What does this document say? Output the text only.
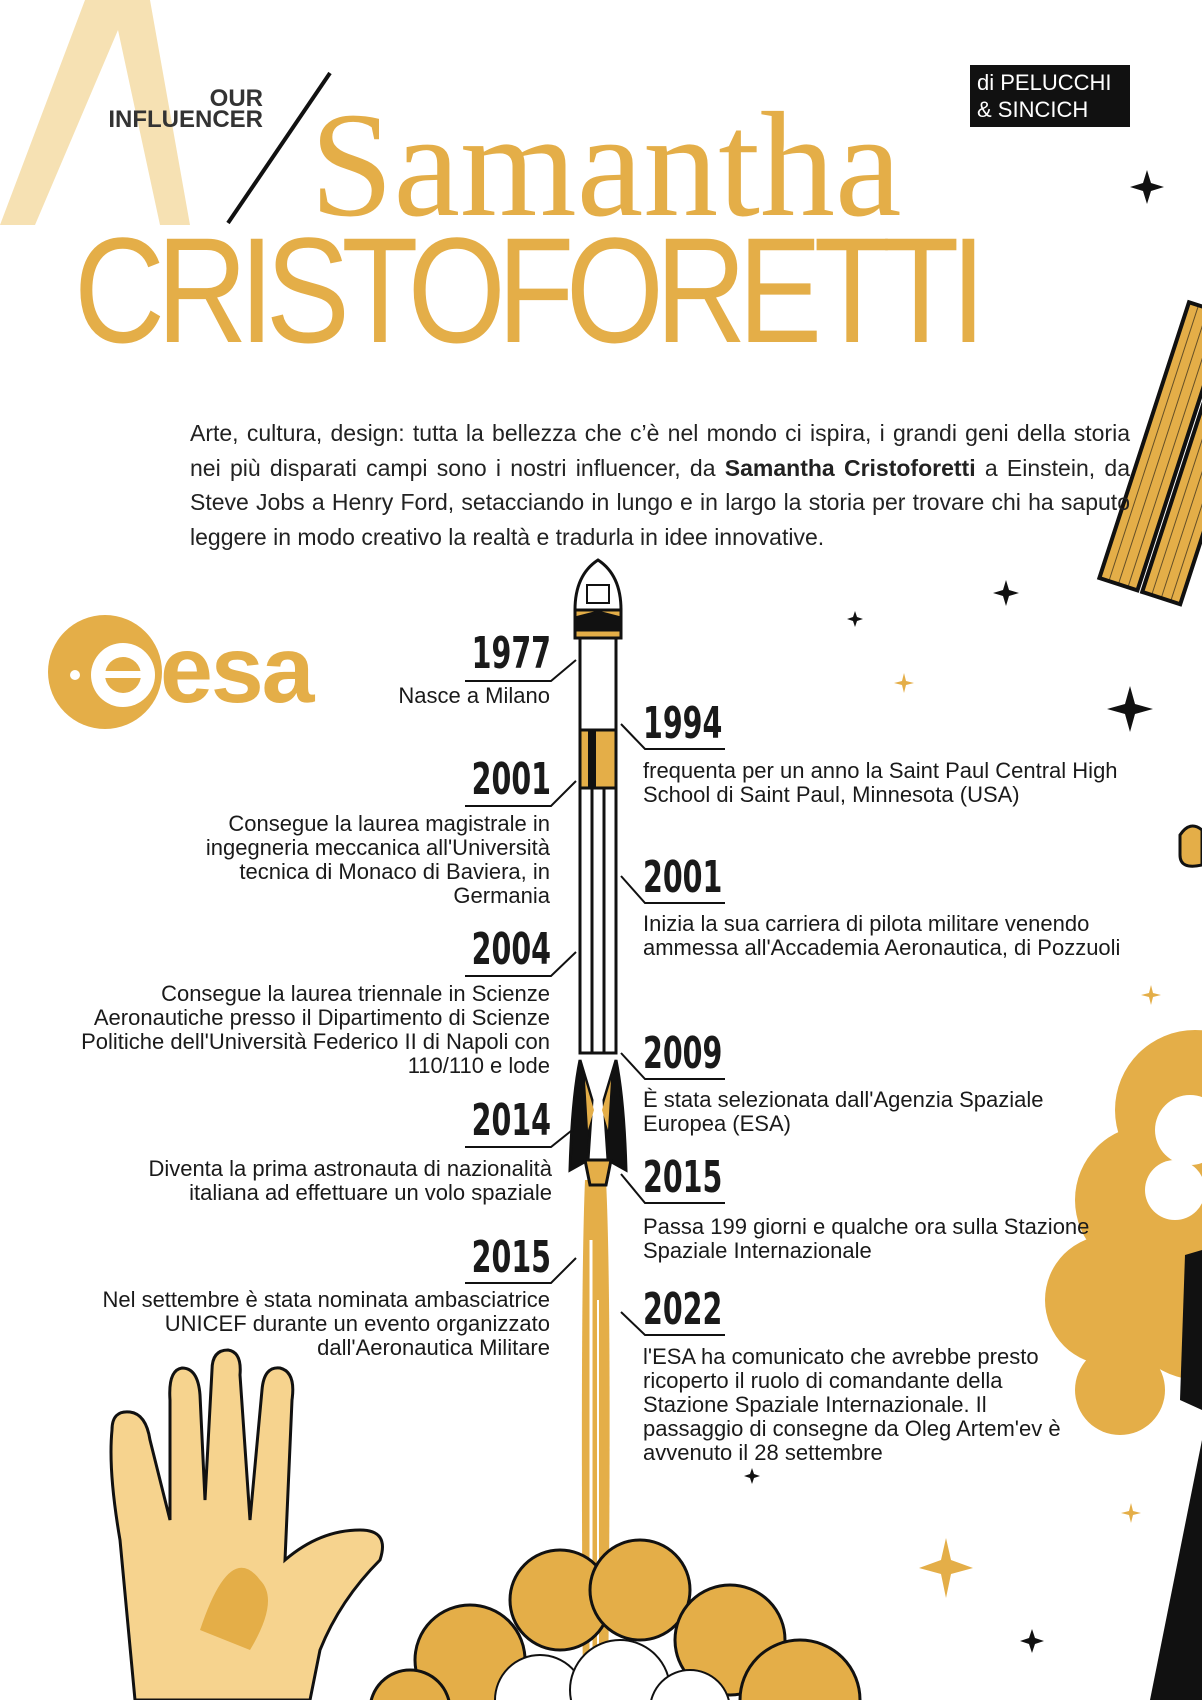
OUR
INFLUENCER
di PELUCCHI
& SINCICH
Samantha
CRISTOFORETTI

Arte, cultura, design: tutta la bellezza che c’è nel mondo ci ispira, i grandi geni della storia nei più disparati campi sono i nostri influencer, da Samantha Cristoforetti a Einstein, da Steve Jobs a Henry Ford, setacciando in lungo e in largo la storia per trovare chi ha saputo leggere in modo creativo la realtà e tradurla in idee innovative.

esa	1977
Nasce a Milano
2001
Consegue la laurea magistrale in ingegneria meccanica all'Università tecnica di Monaco di Baviera, in Germania
2004
Consegue la laurea triennale in Scienze Aeronautiche presso il Dipartimento di Scienze Politiche dell'Università Federico II di Napoli con 110/110 e lode
2014
Diventa la prima astronauta di nazionalità italiana ad effettuare un volo spaziale
2015
Nel settembre è stata nominata ambasciatrice UNICEF durante un evento organizzato dall'Aeronautica Militare
1994
frequenta per un anno la Saint Paul Central High School di Saint Paul, Minnesota (USA)
2001
Inizia la sua carriera di pilota militare venendo ammessa all'Accademia Aeronautica, di Pozzuoli
2009
È stata selezionata dall'Agenzia Spaziale Europea (ESA)
2015
Passa 199 giorni e qualche ora sulla Stazione Spaziale Internazionale
2022
l'ESA ha comunicato che avrebbe presto ricoperto il ruolo di comandante della Stazione Spaziale Internazionale. Il passaggio di consegne da Oleg Artem'ev è avvenuto il 28 settembre
